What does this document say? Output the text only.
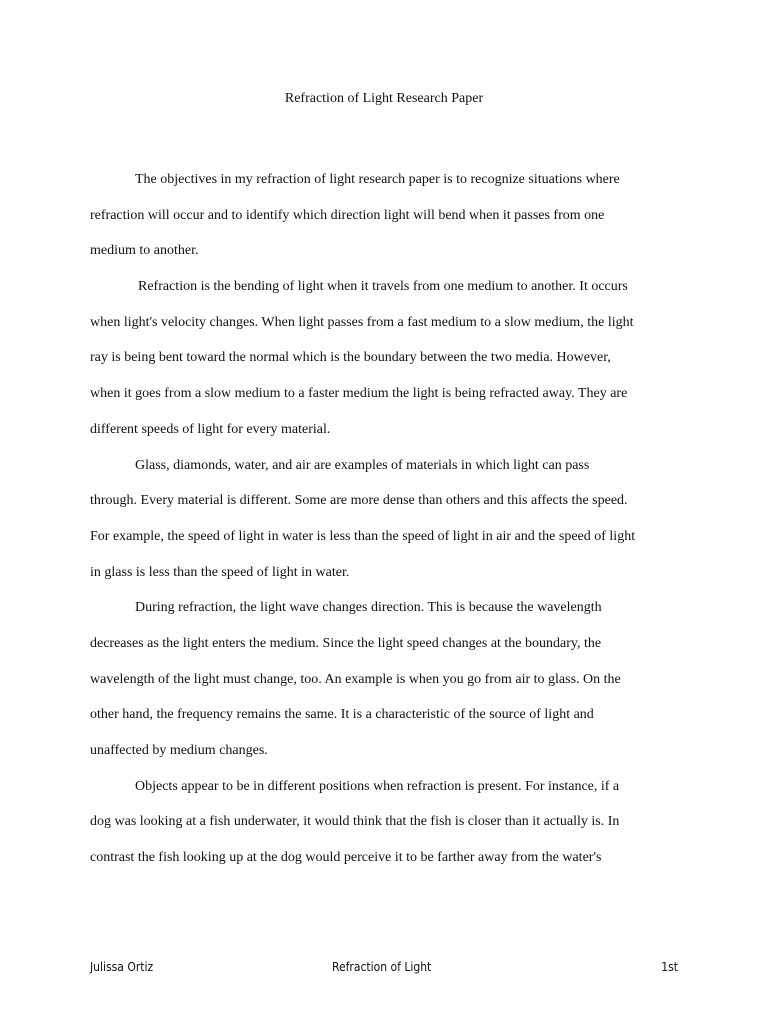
Refraction of Light Research Paper
The objectives in my refraction of light research paper is to recognize situations where
refraction will occur and to identify which direction light will bend when it passes from one
medium to another.
Refraction is the bending of light when it travels from one medium to another. It occurs
when light's velocity changes. When light passes from a fast medium to a slow medium, the light
ray is being bent toward the normal which is the boundary between the two media. However,
when it goes from a slow medium to a faster medium the light is being refracted away. They are
different speeds of light for every material.
Glass, diamonds, water, and air are examples of materials in which light can pass
through. Every material is different. Some are more dense than others and this affects the speed.
For example, the speed of light in water is less than the speed of light in air and the speed of light
in glass is less than the speed of light in water.
During refraction, the light wave changes direction. This is because the wavelength
decreases as the light enters the medium. Since the light speed changes at the boundary, the
wavelength of the light must change, too. An example is when you go from air to glass. On the
other hand, the frequency remains the same. It is a characteristic of the source of light and
unaffected by medium changes.
Objects appear to be in different positions when refraction is present. For instance, if a
dog was looking at a fish underwater, it would think that the fish is closer than it actually is. In
contrast the fish looking up at the dog would perceive it to be farther away from the water's
Julissa Ortiz	Refraction of Light	1st
